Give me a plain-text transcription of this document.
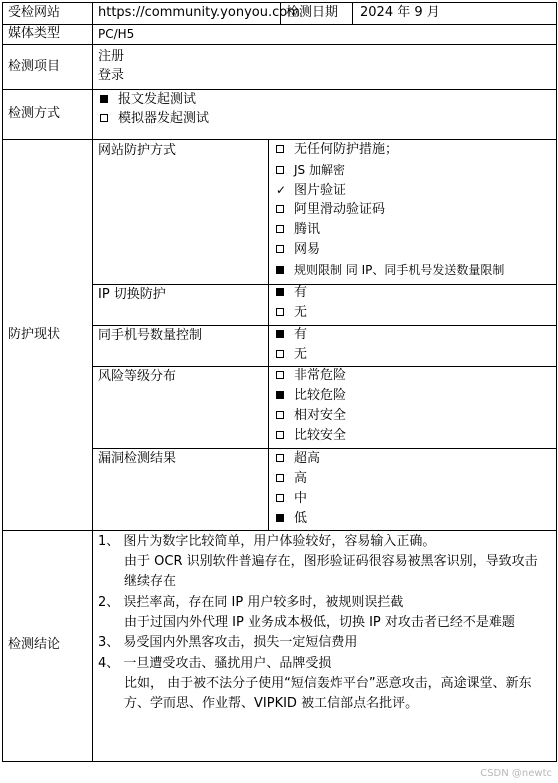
受检网站	https://community.yonyou.com
检测日期 2024 年 9 月
媒体类型	PC/H5
检测项目
注册
登录
检测方式
报文发起测试
模拟器发起测试
防护现状
网站防护方式
IP 切换防护
同手机号数量控制
风险等级分布
漏洞检测结果
无任何防护措施；
JS 加解密
✓ 图片验证
阿里滑动验证码
腾讯
网易
规则限制 同 IP、同手机号发送数量限制
有
无
有
无
非常危险
比较危险
相对安全
比较安全
超高
高
中
低
检测结论
1、 图片为数字比较简单，用户体验较好，容易输入正确。
由于 OCR 识别软件普遍存在，图形验证码很容易被黑客识别，导致攻击
继续存在
2、 误拦率高，存在同 IP 用户较多时，被规则误拦截
由于过国内外代理 IP 业务成本极低，切换 IP 对攻击者已经不是难题
3、 易受国内外黑客攻击，损失一定短信费用
4、 一旦遭受攻击、骚扰用户、品牌受损
比如， 由于被不法分子使用“短信轰炸平台”恶意攻击，高途课堂、新东
方、学而思、作业帮、VIPKID 被工信部点名批评。
CSDN @newtc
